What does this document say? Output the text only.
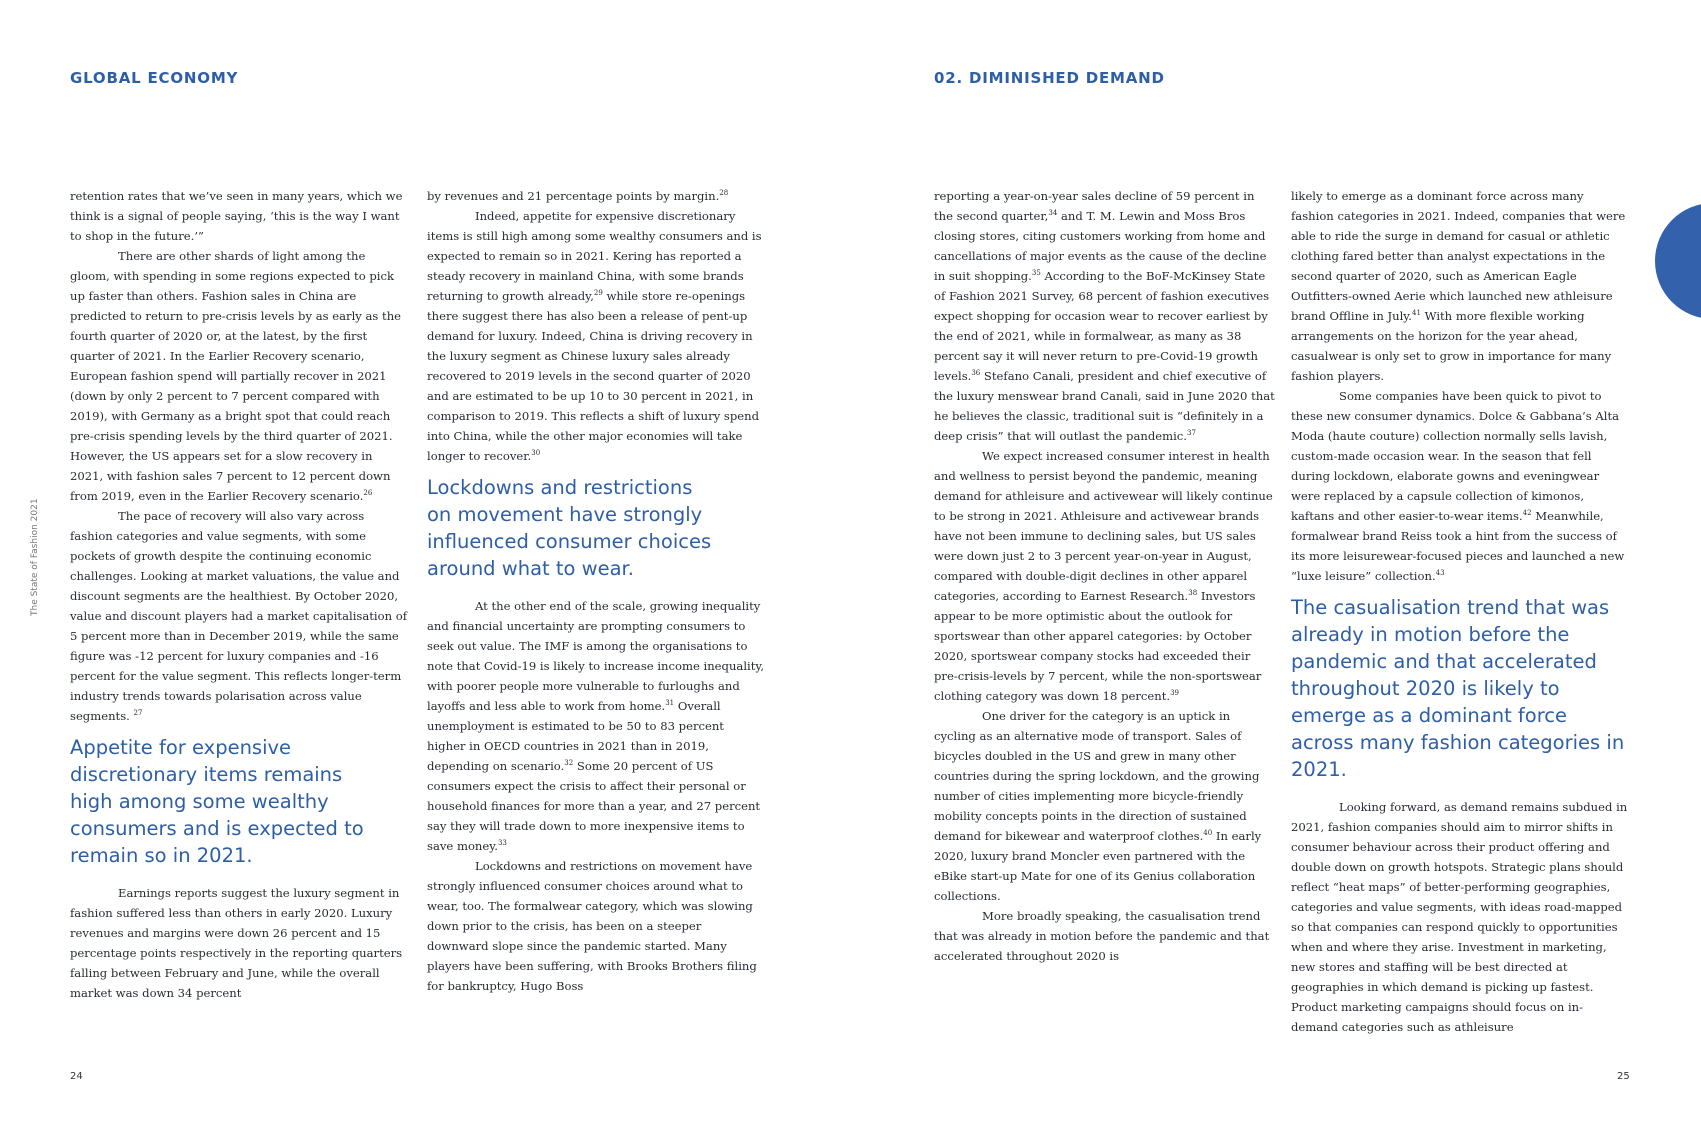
GLOBAL ECONOMY	02. DIMINISHED DEMAND
The State of Fashion 2021

retention rates that we’ve seen in many years, which we think is a signal of people saying, ‘this is the way I want to shop in the future.’”

There are other shards of light among the gloom, with spending in some regions expected to pick up faster than others. Fashion sales in China are predicted to return to pre-crisis levels by as early as the fourth quarter of 2020 or, at the latest, by the first quarter of 2021. In the Earlier Recovery scenario, European fashion spend will partially recover in 2021 (down by only 2 percent to 7 percent compared with 2019), with Germany as a bright spot that could reach pre-crisis spending levels by the third quarter of 2021. However, the US appears set for a slow recovery in 2021, with fashion sales 7 percent to 12 percent down from 2019, even in the Earlier Recovery scenario.$^{26}$

The pace of recovery will also vary across fashion categories and value segments, with some pockets of growth despite the continuing economic challenges. Looking at market valuations, the value and discount segments are the healthiest. By October 2020, value and discount players had a market capitalisation of 5 percent more than in December 2019, while the same figure was -12 percent for luxury companies and -16 percent for the value segment. This reflects longer-term industry trends towards polarisation across value segments. $^{27}$

Appetite for expensive discretionary items remains high among some wealthy consumers and is expected to remain so in 2021.

Earnings reports suggest the luxury segment in fashion suffered less than others in early 2020. Luxury revenues and margins were down 26 percent and 15 percentage points respectively in the reporting quarters falling between February and June, while the overall market was down 34 percent

by revenues and 21 percentage points by margin.$^{28}$

Indeed, appetite for expensive discretionary items is still high among some wealthy consumers and is expected to remain so in 2021. Kering has reported a steady recovery in mainland China, with some brands returning to growth already,$^{29}$ while store re-openings there suggest there has also been a release of pent-up demand for luxury. Indeed, China is driving recovery in the luxury segment as Chinese luxury sales already recovered to 2019 levels in the second quarter of 2020 and are estimated to be up 10 to 30 percent in 2021, in comparison to 2019. This reflects a shift of luxury spend into China, while the other major economies will take longer to recover.$^{30}$

Lockdowns and restrictions on movement have strongly influenced consumer choices around what to wear.

At the other end of the scale, growing inequality and financial uncertainty are prompting consumers to seek out value. The IMF is among the organisations to note that Covid-19 is likely to increase income inequality, with poorer people more vulnerable to furloughs and layoffs and less able to work from home.$^{31}$ Overall unemployment is estimated to be 50 to 83 percent higher in OECD countries in 2021 than in 2019, depending on scenario.$^{32}$ Some 20 percent of US consumers expect the crisis to affect their personal or household finances for more than a year, and 27 percent say they will trade down to more inexpensive items to save money.$^{33}$

Lockdowns and restrictions on movement have strongly influenced consumer choices around what to wear, too. The formalwear category, which was slowing down prior to the crisis, has been on a steeper downward slope since the pandemic started. Many players have been suffering, with Brooks Brothers filing for bankruptcy, Hugo Boss

reporting a year-on-year sales decline of 59 percent in the second quarter,$^{34}$ and T. M. Lewin and Moss Bros closing stores, citing customers working from home and cancellations of major events as the cause of the decline in suit shopping.$^{35}$ According to the BoF-McKinsey State of Fashion 2021 Survey, 68 percent of fashion executives expect shopping for occasion wear to recover earliest by the end of 2021, while in formalwear, as many as 38 percent say it will never return to pre-Covid-19 growth levels.$^{36}$ Stefano Canali, president and chief executive of the luxury menswear brand Canali, said in June 2020 that he believes the classic, traditional suit is “definitely in a deep crisis” that will outlast the pandemic.$^{37}$

We expect increased consumer interest in health and wellness to persist beyond the pandemic, meaning demand for athleisure and activewear will likely continue to be strong in 2021. Athleisure and activewear brands have not been immune to declining sales, but US sales were down just 2 to 3 percent year-on-year in August, compared with double-digit declines in other apparel categories, according to Earnest Research.$^{38}$ Investors appear to be more optimistic about the outlook for sportswear than other apparel categories: by October 2020, sportswear company stocks had exceeded their pre-crisis-levels by 7 percent, while the non-sportswear clothing category was down 18 percent.$^{39}$

One driver for the category is an uptick in cycling as an alternative mode of transport. Sales of bicycles doubled in the US and grew in many other countries during the spring lockdown, and the growing number of cities implementing more bicycle-friendly mobility concepts points in the direction of sustained demand for bikewear and waterproof clothes.$^{40}$ In early 2020, luxury brand Moncler even partnered with the eBike start-up Mate for one of its Genius collaboration collections.

More broadly speaking, the casualisation trend that was already in motion before the pandemic and that accelerated throughout 2020 is

likely to emerge as a dominant force across many fashion categories in 2021. Indeed, companies that were able to ride the surge in demand for casual or athletic clothing fared better than analyst expectations in the second quarter of 2020, such as American Eagle Outfitters-owned Aerie which launched new athleisure brand Offline in July.$^{41}$ With more flexible working arrangements on the horizon for the year ahead, casualwear is only set to grow in importance for many fashion players.

Some companies have been quick to pivot to these new consumer dynamics. Dolce & Gabbana’s Alta Moda (haute couture) collection normally sells lavish, custom-made occasion wear. In the season that fell during lockdown, elaborate gowns and eveningwear were replaced by a capsule collection of kimonos, kaftans and other easier-to-wear items.$^{42}$ Meanwhile, formalwear brand Reiss took a hint from the success of its more leisurewear-focused pieces and launched a new “luxe leisure” collection.$^{43}$

The casualisation trend that was already in motion before the pandemic and that accelerated throughout 2020 is likely to emerge as a dominant force across many fashion categories in 2021.

Looking forward, as demand remains subdued in 2021, fashion companies should aim to mirror shifts in consumer behaviour across their product offering and double down on growth hotspots. Strategic plans should reflect “heat maps” of better-performing geographies, categories and value segments, with ideas road-mapped so that companies can respond quickly to opportunities when and where they arise. Investment in marketing, new stores and staffing will be best directed at geographies in which demand is picking up fastest. Product marketing campaigns should focus on in-demand categories such as athleisure

24	25
